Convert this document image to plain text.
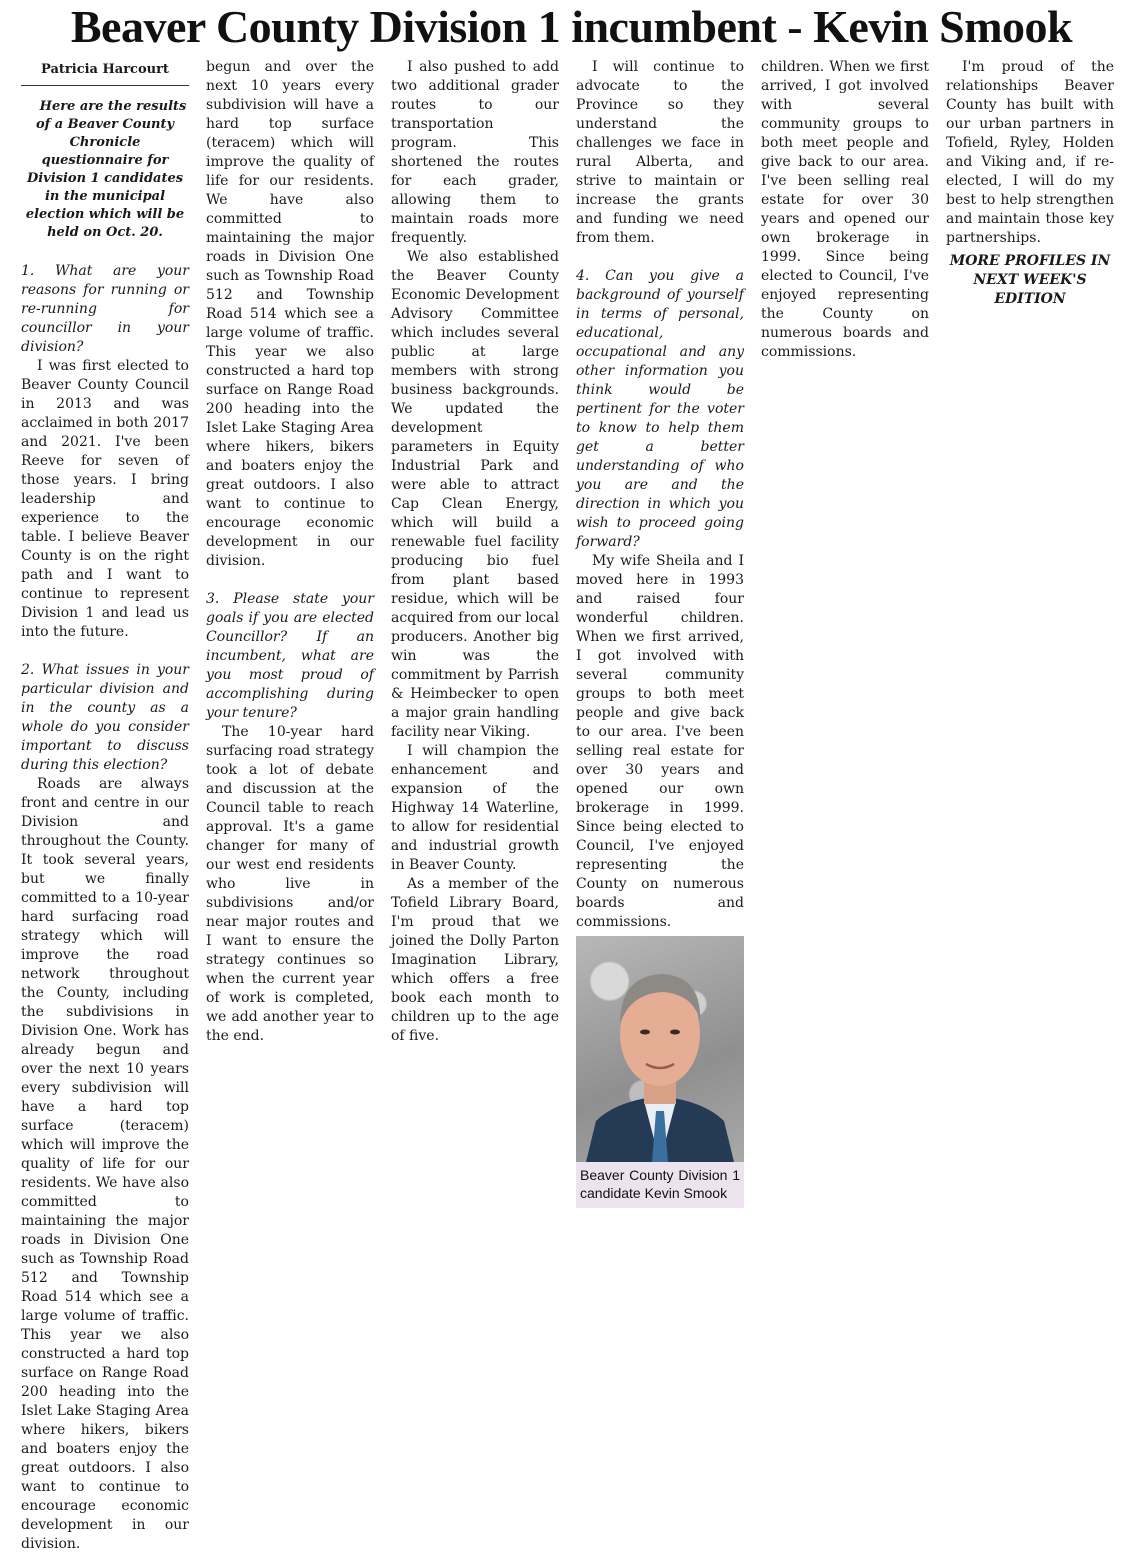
Beaver County Division 1 incumbent - Kevin Smook
Patricia Harcourt

Here are the results of a Beaver County Chronicle questionnaire for Division 1 candidates in the municipal election which will be held on Oct. 20.

1. What are your reasons for running or re-running for councillor in your division?

I was first elected to Beaver County Council in 2013 and was acclaimed in both 2017 and 2021. I've been Reeve for seven of those years. I bring leadership and experience to the table. I believe Beaver County is on the right path and I want to continue to represent Division 1 and lead us into the future.

2. What issues in your particular division and in the county as a whole do you consider important to discuss during this election?

Roads are always front and centre in our Division and throughout the County. It took several years, but we finally committed to a 10-year hard surfacing road strategy which will improve the road network throughout the County, including the subdivisions in Division One. Work has already begun and over the next 10 years every subdivision will have a hard top surface (teracem) which will improve the quality of life for our residents. We have also committed to maintaining the major roads in Division One such as Township Road 512 and Township Road 514 which see a large volume of traffic. This year we also constructed a hard top surface on Range Road 200 heading into the Islet Lake Staging Area where hikers, bikers and boaters enjoy the great outdoors. I also want to continue to encourage economic development in our division.

begun and over the next 10 years every subdivision will have a hard top surface (teracem) which will improve the quality of life for our residents. We have also committed to maintaining the major roads in Division One such as Township Road 512 and Township Road 514 which see a large volume of traffic. This year we also constructed a hard top surface on Range Road 200 heading into the Islet Lake Staging Area where hikers, bikers and boaters enjoy the great outdoors. I also want to continue to encourage economic development in our division.

3. Please state your goals if you are elected Councillor? If an incumbent, what are you most proud of accomplishing during your tenure?

The 10-year hard surfacing road strategy took a lot of debate and discussion at the Council table to reach approval. It's a game changer for many of our west end residents who live in subdivisions and/or near major routes and I want to ensure the strategy continues so when the current year of work is completed, we add another year to the end.

I also pushed to add two additional grader routes to our transportation program. This shortened the routes for each grader, allowing them to maintain roads more frequently.

We also established the Beaver County Economic Development Advisory Committee which includes several public at large members with strong business backgrounds. We updated the development parameters in Equity Industrial Park and were able to attract Cap Clean Energy, which will build a renewable fuel facility producing bio fuel from plant based residue, which will be acquired from our local producers. Another big win was the commitment by Parrish & Heimbecker to open a major grain handling facility near Viking.

I will champion the enhancement and expansion of the Highway 14 Waterline, to allow for residential and industrial growth in Beaver County.

As a member of the Tofield Library Board, I'm proud that we joined the Dolly Parton Imagination Library, which offers a free book each month to children up to the age of five.

I will continue to advocate to the Province so they understand the challenges we face in rural Alberta, and strive to maintain or increase the grants and funding we need from them.

4. Can you give a background of yourself in terms of personal, educational, occupational and any other information you think would be pertinent for the voter to know to help them get a better understanding of who you are and the direction in which you wish to proceed going forward?

My wife Sheila and I moved here in 1993 and raised four wonderful children. When we first arrived, I got involved with several community groups to both meet people and give back to our area. I've been selling real estate for over 30 years and opened our own brokerage in 1999. Since being elected to Council, I've enjoyed representing the County on numerous boards and commissions.

Beaver County Division 1 candidate Kevin Smook

children. When we first arrived, I got involved with several community groups to both meet people and give back to our area. I've been selling real estate for over 30 years and opened our own brokerage in 1999. Since being elected to Council, I've enjoyed representing the County on numerous boards and commissions.

I'm proud of the relationships Beaver County has built with our urban partners in Tofield, Ryley, Holden and Viking and, if re-elected, I will do my best to help strengthen and maintain those key partnerships.

MORE PROFILES IN NEXT WEEK'S EDITION
